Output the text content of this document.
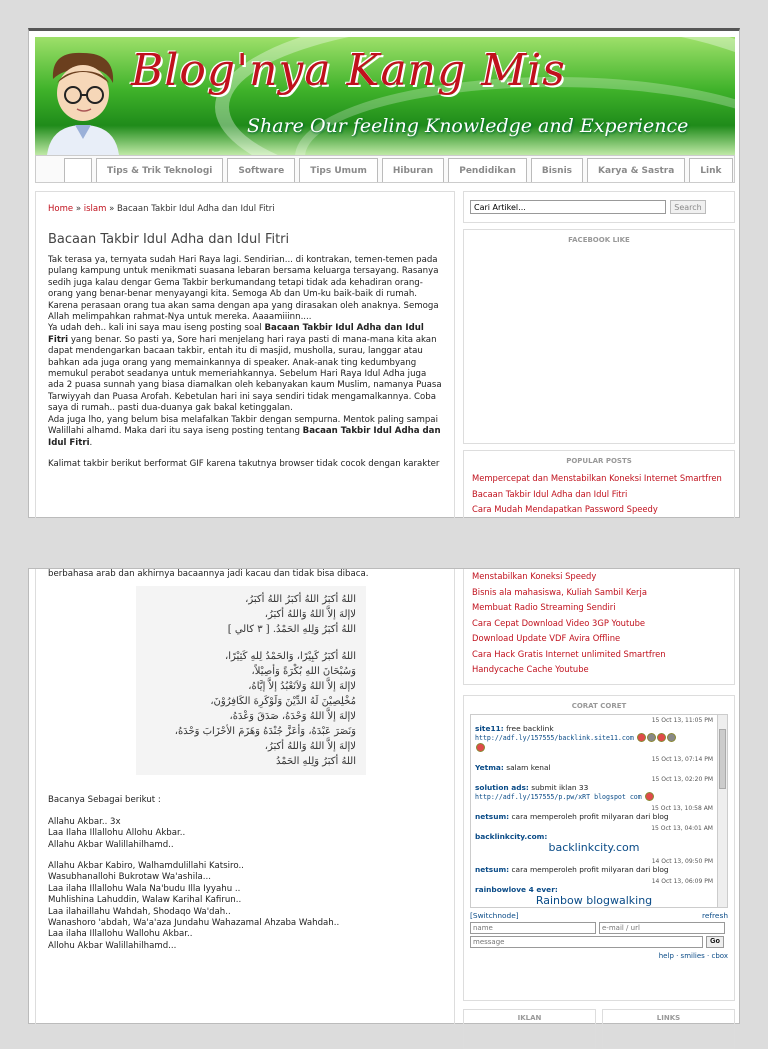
Blog'nya Kang Mis
Share Our feeling Knowledge and Experience
Tips & Trik Teknologi	Software	Tips Umum	Hiburan	Pendidikan	Bisnis	Karya & Sastra	Link
Home » islam » Bacaan Takbir Idul Adha dan Idul Fitri
Bacaan Takbir Idul Adha dan Idul Fitri

Tak terasa ya, ternyata sudah Hari Raya lagi. Sendirian... di kontrakan, temen-temen pada pulang kampung untuk menikmati suasana lebaran bersama keluarga tersayang. Rasanya sedih juga kalau dengar Gema Takbir berkumandang tetapi tidak ada kehadiran orang-orang yang benar-benar menyayangi kita. Semoga Ab dan Um-ku baik-baik di rumah. Karena perasaan orang tua akan sama dengan apa yang dirasakan oleh anaknya. Semoga Allah melimpahkan rahmat-Nya untuk mereka. Aaaamiiinn....

Ya udah deh.. kali ini saya mau iseng posting soal Bacaan Takbir Idul Adha dan Idul Fitri yang benar. So pasti ya, Sore hari menjelang hari raya pasti di mana-mana kita akan dapat mendengarkan bacaan takbir, entah itu di masjid, musholla, surau, langgar atau bahkan ada juga orang yang memainkannya di speaker. Anak-anak ting kedumbyang memukul perabot seadanya untuk memeriahkannya. Sebelum Hari Raya Idul Adha juga ada 2 puasa sunnah yang biasa diamalkan oleh kebanyakan kaum Muslim, namanya Puasa Tarwiyyah dan Puasa Arofah. Kebetulan hari ini saya sendiri tidak mengamalkannya. Coba saya di rumah.. pasti dua-duanya gak bakal ketinggalan.

Ada juga lho, yang belum bisa melafalkan Takbir dengan sempurna. Mentok paling sampai Walillahi alhamd. Maka dari itu saya iseng posting tentang Bacaan Takbir Idul Adha dan Idul Fitri.

Kalimat takbir berikut berformat GIF karena takutnya browser tidak cocok dengan karakter

Cari Artikel...
Search
FACEBOOK LIKE
POPULAR POSTS
Mempercepat dan Menstabilkan Koneksi Internet Smartfren
Bacaan Takbir Idul Adha dan Idul Fitri
Cara Mudah Mendapatkan Password Speedy

berbahasa arab dan akhirnya bacaannya jadi kacau dan tidak bisa dibaca.

اللهُ أكبَرُ اللهُ أكبَرُ اللهُ أكبَرُ،
لاإلهَ إلاَّ اللهُ وَاللهُ أكبَرُ،
اللهُ أكبَرُ وَلِلهِ الحَمْدُ. [ ٣ كالي ]
اللهُ أكبَرُ كَبِيْرًا، وَالحَمْدُ لِلهِ كَثِيْرًا،
وَسُبْحَانَ اللهِ بُكْرَةً وَأصِيْلاً،
لاإلهَ إلاَّ اللهُ وَلاَنَعْبُدُ إلاَّ إيَّاهُ،
مُخْلِصِيْنَ لَهُ الدِّيْنَ وَلَوْكَرِهَ الكَافِرُوْنَ،
لاإلهَ إلاَّ اللهُ وَحْدَهُ، صَدَقَ وَعْدَهُ،
وَنَصَرَ عَبْدَهُ، وَأعَزَّ جُنْدَهُ وَهَزَمَ الأحْزَابَ وَحْدَهُ،
لاإلهَ إلاَّ اللهُ وَاللهُ أكبَرُ،
اللهُ أكبَرُ وَلِلهِ الحَمْدُ

Bacanya Sebagai berikut :

Allahu Akbar.. 3x

Laa Ilaha Illallohu Allohu Akbar..

Allahu Akbar Walillahilhamd..

Allahu Akbar Kabiro, Walhamdulillahi Katsiro..

Wasubhanallohi Bukrotaw Wa'ashila...

Laa ilaha Illallohu Wala Na'budu Illa Iyyahu ..

Muhlishina Lahuddin, Walaw Karihal Kafirun..

Laa ilahaillahu Wahdah, Shodaqo Wa'dah..

Wanashoro 'abdah, Wa'a'aza Jundahu Wahazamal Ahzaba Wahdah..

Laa ilaha Illallohu Wallohu Akbar..

Allohu Akbar Walillahilhamd...

Menstabilkan Koneksi Speedy
Bisnis ala mahasiswa, Kuliah Sambil Kerja
Membuat Radio Streaming Sendiri
Cara Cepat Download Video 3GP Youtube
Download Update VDF Avira Offline
Cara Hack Gratis Internet unlimited Smartfren
Handycache Cache Youtube
CORAT CORET
15 Oct 13, 11:05 PM
site11: free backlink
http://adf.ly/157555/backlink.site11.com

15 Oct 13, 07:14 PM
Yetma: salam kenal
15 Oct 13, 02:20 PM
solution ads: submit iklan 33
http://adf.ly/157555/p.pw/xRT blogspot com
15 Oct 13, 10:58 AM
netsum: cara memperoleh profit milyaran dari blog
15 Oct 13, 04:01 AM
backlinkcity.com:
backlinkcity.com
14 Oct 13, 09:50 PM
netsum: cara memperoleh profit milyaran dari blog
14 Oct 13, 06:09 PM
rainbowlove 4 ever:
Rainbow blogwalking
[Switchnode]	refresh
name
e-mail / url
message
Go
help · smilies · cbox
IKLAN	LINKS
